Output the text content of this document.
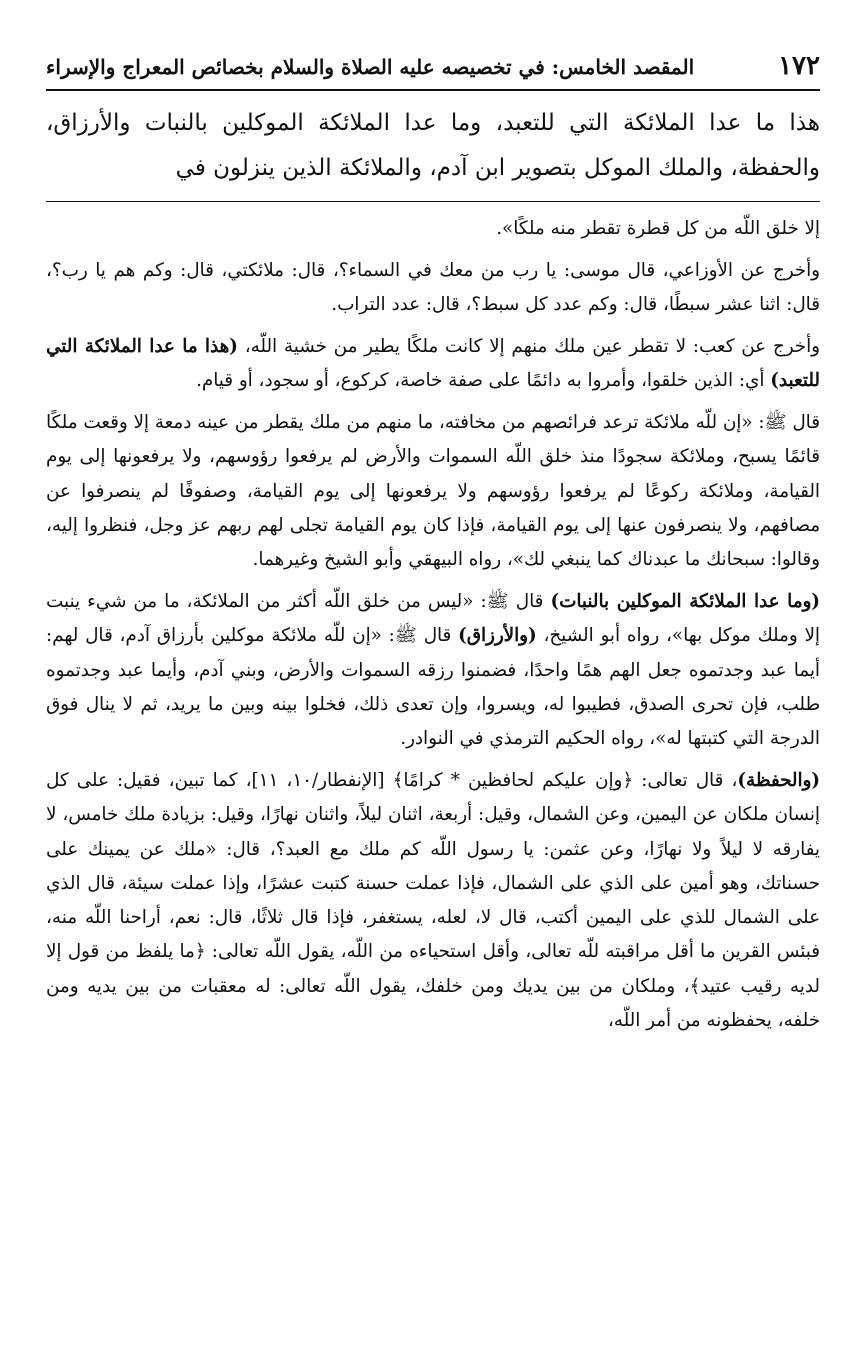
١٧٢
المقصد الخامس: في تخصيصه عليه الصلاة والسلام بخصائص المعراج والإسراء
هذا ما عدا الملائكة التي للتعبد، وما عدا الملائكة الموكلين بالنبات والأرزاق، والحفظة، والملك الموكل بتصوير ابن آدم، والملائكة الذين ينزلون في

إلا خلق اللّه من كل قطرة تقطر منه ملكًا».

وأخرج عن الأوزاعي، قال موسى: يا رب من معك في السماء؟، قال: ملائكتي، قال: وكم هم يا رب؟، قال: اثنا عشر سبطًا، قال: وكم عدد كل سبط؟، قال: عدد التراب.

وأخرج عن كعب: لا تقطر عين ملك منهم إلا كانت ملكًا يطير من خشية اللّه، (هذا ما عدا الملائكة التي للتعبد) أي: الذين خلقوا، وأمروا به دائمًا على صفة خاصة، كركوع، أو سجود، أو قيام.

قال ﷺ: «إن للّه ملائكة ترعد فرائصهم من مخافته، ما منهم من ملك يقطر من عينه دمعة إلا وقعت ملكًا قائمًا يسبح، وملائكة سجودًا منذ خلق اللّه السموات والأرض لم يرفعوا رؤوسهم، ولا يرفعونها إلى يوم القيامة، وملائكة ركوعًا لم يرفعوا رؤوسهم ولا يرفعونها إلى يوم القيامة، وصفوفًا لم ينصرفوا عن مصافهم، ولا ينصرفون عنها إلى يوم القيامة، فإذا كان يوم القيامة تجلى لهم ربهم عز وجل، فنظروا إليه، وقالوا: سبحانك ما عبدناك كما ينبغي لك»، رواه البيهقي وأبو الشيخ وغيرهما.

(وما عدا الملائكة الموكلين بالنبات) قال ﷺ: «ليس من خلق اللّه أكثر من الملائكة، ما من شيء ينبت إلا وملك موكل بها»، رواه أبو الشيخ، (والأرزاق) قال ﷺ: «إن للّه ملائكة موكلين بأرزاق آدم، قال لهم: أيما عبد وجدتموه جعل الهم همًا واحدًا، فضمنوا رزقه السموات والأرض، وبني آدم، وأيما عبد وجدتموه طلب، فإن تحرى الصدق، فطيبوا له، ويسروا، وإن تعدى ذلك، فخلوا بينه وبين ما يريد، ثم لا ينال فوق الدرجة التي كتبتها له»، رواه الحكيم الترمذي في النوادر.

(والحفظة)، قال تعالى: ﴿وإن عليكم لحافظين * كرامًا﴾ [الإنفطار/١٠، ١١]، كما تبين، فقيل: على كل إنسان ملكان عن اليمين، وعن الشمال، وقيل: أربعة، اثنان ليلاً، واثنان نهارًا، وقيل: بزيادة ملك خامس، لا يفارقه لا ليلاً ولا نهارًا، وعن عثمن: يا رسول اللّه كم ملك مع العبد؟، قال: «ملك عن يمينك على حسناتك، وهو أمين على الذي على الشمال، فإذا عملت حسنة كتبت عشرًا، وإذا عملت سيئة، قال الذي على الشمال للذي على اليمين أكتب، قال لا، لعله، يستغفر، فإذا قال ثلاثًا، قال: نعم، أراحنا اللّه منه، فبئس القرين ما أقل مراقبته للّه تعالى، وأقل استحياءه من اللّه، يقول اللّه تعالى: ﴿ما يلفظ من قول إلا لديه رقيب عتيد﴾، وملكان من بين يديك ومن خلفك، يقول اللّه تعالى: له معقبات من بين يديه ومن خلفه، يحفظونه من أمر اللّه،
